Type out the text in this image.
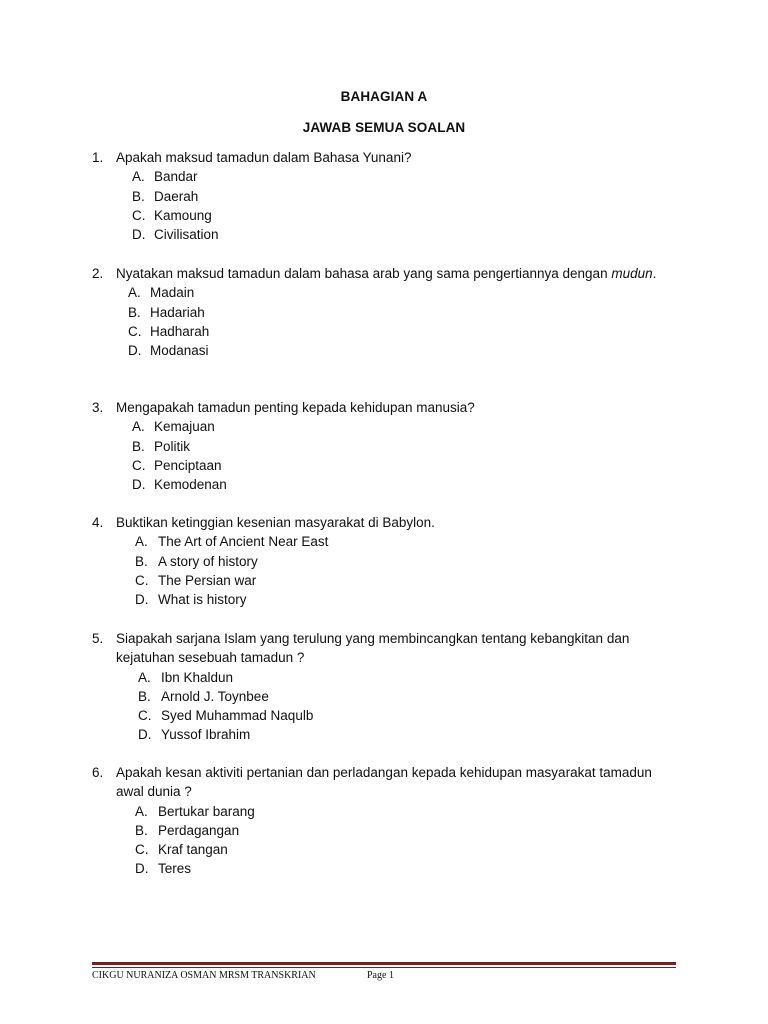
BAHAGIAN A
JAWAB SEMUA SOALAN
1. Apakah maksud tamadun dalam Bahasa Yunani?
A. Bandar
B. Daerah
C. Kamoung
D. Civilisation
2. Nyatakan maksud tamadun dalam bahasa arab yang sama pengertiannya dengan mudun.
A. Madain
B. Hadariah
C. Hadharah
D. Modanasi
3. Mengapakah tamadun penting kepada kehidupan manusia?
A. Kemajuan
B. Politik
C. Penciptaan
D. Kemodenan
4. Buktikan ketinggian kesenian masyarakat di Babylon.
A. The Art of Ancient Near East
B. A story of history
C. The Persian war
D. What is history
5. Siapakah sarjana Islam yang terulung yang membincangkan tentang kebangkitan dan kejatuhan sesebuah tamadun ?
A. Ibn Khaldun
B. Arnold J. Toynbee
C. Syed Muhammad Naqulb
D. Yussof Ibrahim
6. Apakah kesan aktiviti pertanian dan perladangan kepada kehidupan masyarakat tamadun awal dunia ?
A. Bertukar barang
B. Perdagangan
C. Kraf tangan
D. Teres
CIKGU NURANIZA OSMAN MRSM TRANSKRIAN	Page 1
